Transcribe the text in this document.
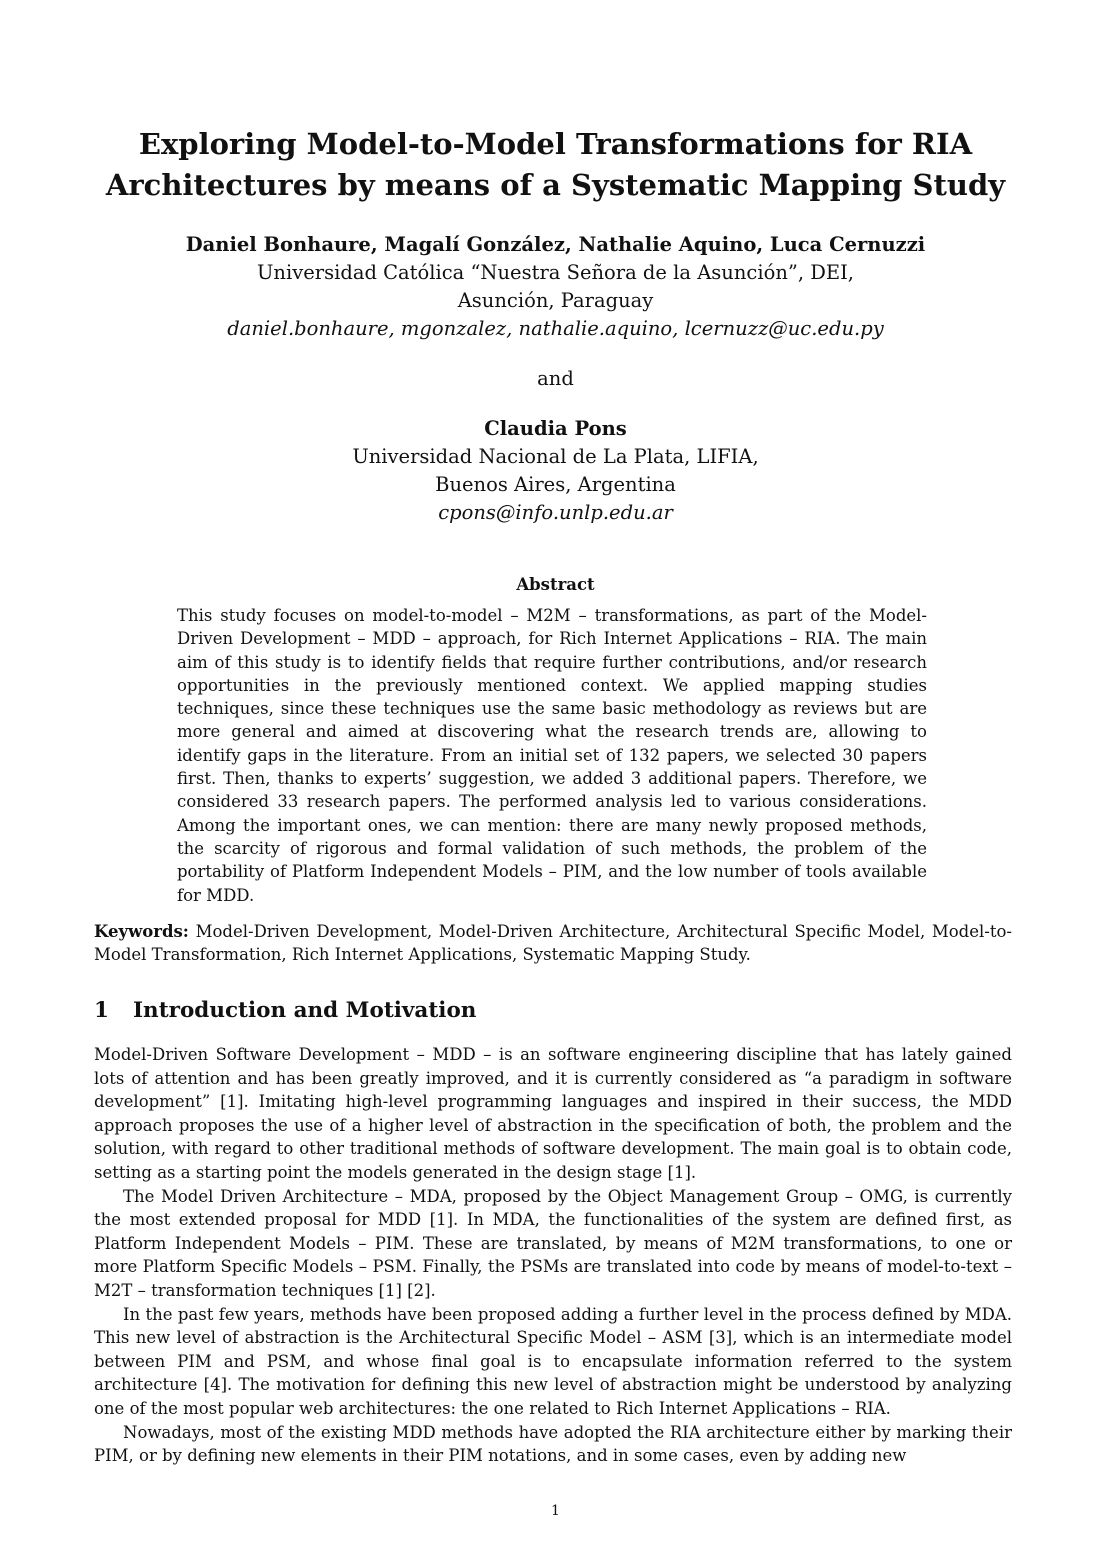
Exploring Model-to-Model Transformations for RIA
Architectures by means of a Systematic Mapping Study
Daniel Bonhaure, Magalí González, Nathalie Aquino, Luca Cernuzzi
Universidad Católica “Nuestra Señora de la Asunción”, DEI,
Asunción, Paraguay
daniel.bonhaure, mgonzalez, nathalie.aquino, lcernuzz@uc.edu.py
and
Claudia Pons
Universidad Nacional de La Plata, LIFIA,
Buenos Aires, Argentina
cpons@info.unlp.edu.ar
Abstract
This study focuses on model-to-model – M2M – transformations, as part of the Model-Driven Development – MDD – approach, for Rich Internet Applications – RIA. The main aim of this study is to identify fields that require further contributions, and/or research opportunities in the previously mentioned context. We applied mapping studies techniques, since these techniques use the same basic methodology as reviews but are more general and aimed at discovering what the research trends are, allowing to identify gaps in the literature. From an initial set of 132 papers, we selected 30 papers first. Then, thanks to experts’ suggestion, we added 3 additional papers. Therefore, we considered 33 research papers. The performed analysis led to various considerations. Among the important ones, we can mention: there are many newly proposed methods, the scarcity of rigorous and formal validation of such methods, the problem of the portability of Platform Independent Models – PIM, and the low number of tools available for MDD.
Keywords: Model-Driven Development, Model-Driven Architecture, Architectural Specific Model, Model-to-Model Transformation, Rich Internet Applications, Systematic Mapping Study.
1 Introduction and Motivation

Model-Driven Software Development – MDD – is an software engineering discipline that has lately gained lots of attention and has been greatly improved, and it is currently considered as “a paradigm in software development” [1]. Imitating high-level programming languages and inspired in their success, the MDD approach proposes the use of a higher level of abstraction in the specification of both, the problem and the solution, with regard to other traditional methods of software development. The main goal is to obtain code, setting as a starting point the models generated in the design stage [1].

The Model Driven Architecture – MDA, proposed by the Object Management Group – OMG, is currently the most extended proposal for MDD [1]. In MDA, the functionalities of the system are defined first, as Platform Independent Models – PIM. These are translated, by means of M2M transformations, to one or more Platform Specific Models – PSM. Finally, the PSMs are translated into code by means of model-to-text – M2T – transformation techniques [1] [2].

In the past few years, methods have been proposed adding a further level in the process defined by MDA. This new level of abstraction is the Architectural Specific Model – ASM [3], which is an intermediate model between PIM and PSM, and whose final goal is to encapsulate information referred to the system architecture [4]. The motivation for defining this new level of abstraction might be understood by analyzing one of the most popular web architectures: the one related to Rich Internet Applications – RIA.

Nowadays, most of the existing MDD methods have adopted the RIA architecture either by marking their PIM, or by defining new elements in their PIM notations, and in some cases, even by adding new

1
